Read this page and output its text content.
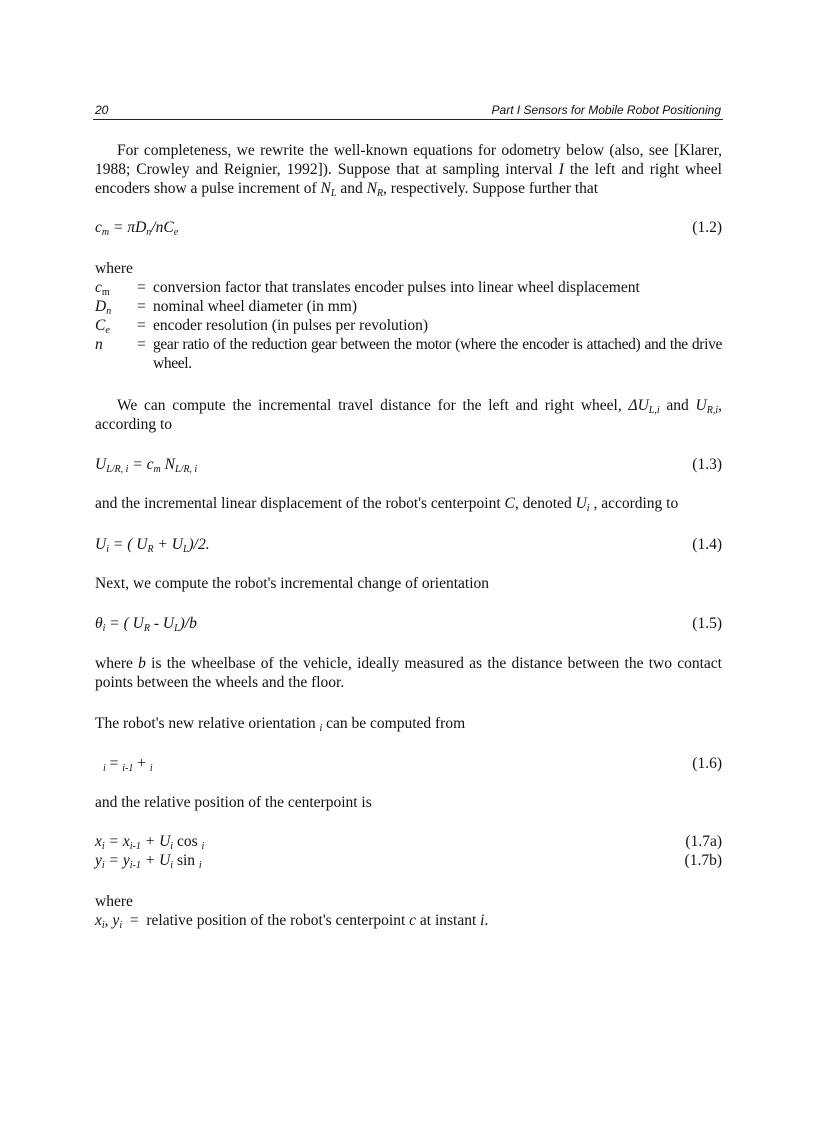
20	Part I Sensors for Mobile Robot Positioning
For completeness, we rewrite the well-known equations for odometry below (also, see [Klarer, 1988; Crowley and Reignier, 1992]). Suppose that at sampling interval I the left and right wheel encoders show a pulse increment of $N_L$ and $N_R$, respectively. Suppose further that
$c_m = \pi D_n/nC_e$	(1.2)
where
$c_m$	= conversion factor that translates encoder pulses into linear wheel displacement
$D_n$	= nominal wheel diameter (in mm)
$C_e$	= encoder resolution (in pulses per revolution)
n	= gear ratio of the reduction gear between the motor (where the encoder is attached) and the drive wheel.
We can compute the incremental travel distance for the left and right wheel, $\Delta U_{L,i}$ and $U_{R,i}$, according to
$U_{L/R, i} = c_m$ $N_{L/R, i}$	(1.3)
and the incremental linear displacement of the robot's centerpoint C, denoted $U_i$ , according to
$U_i$ = ( $U_R + U_L)/2$.	(1.4)
Next, we compute the robot's incremental change of orientation
$\theta_i$ = ( $U_R - U_L)/b$	(1.5)
where b is the wheelbase of the vehicle, ideally measured as the distance between the two contact points between the wheels and the floor.
The robot's new relative orientation $_i$ can be computed from
$_i$ = $_{i-1}$ + $_i$	(1.6)
and the relative position of the centerpoint is
$x_i = x_{i-1} + U_i$ cos $_i$	(1.7a)
$y_i = y_{i-1} + U_i$ sin $_i$	(1.7b)
where
$x_i$, $y_i$  =  relative position of the robot's centerpoint c at instant i.
